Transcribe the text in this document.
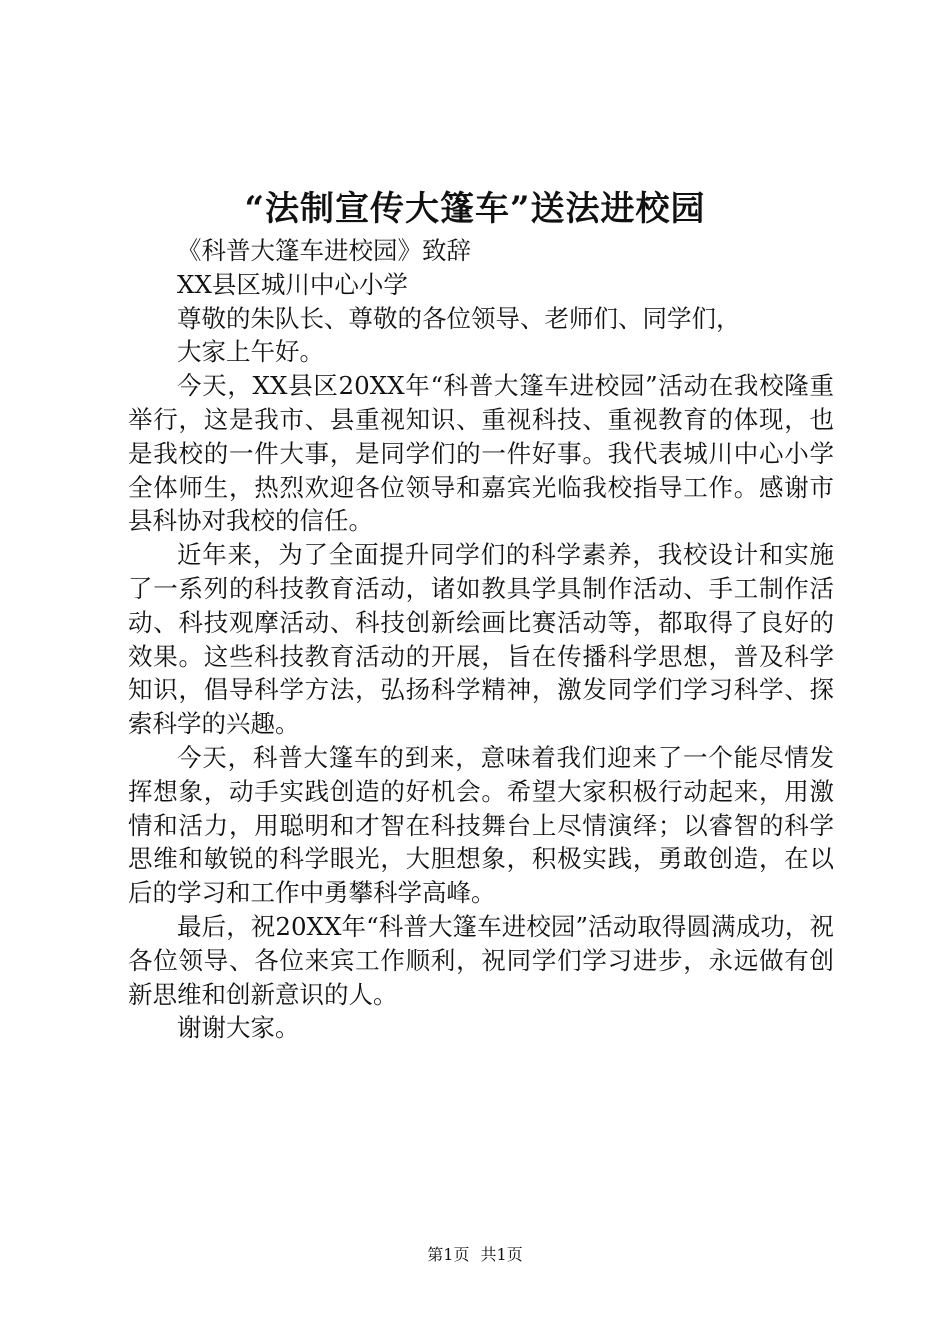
“法制宣传大篷车”送法进校园

《科普大篷车进校园》致辞

XX县区城川中心小学

尊敬的朱队长、尊敬的各位领导、老师们、同学们，

大家上午好。

今天，XX县区20XX年“科普大篷车进校园”活动在我校隆重举行，这是我市、县重视知识、重视科技、重视教育的体现，也是我校的一件大事，是同学们的一件好事。我代表城川中心小学全体师生，热烈欢迎各位领导和嘉宾光临我校指导工作。感谢市县科协对我校的信任。

近年来，为了全面提升同学们的科学素养，我校设计和实施了一系列的科技教育活动，诸如教具学具制作活动、手工制作活动、科技观摩活动、科技创新绘画比赛活动等，都取得了良好的效果。这些科技教育活动的开展，旨在传播科学思想，普及科学知识，倡导科学方法，弘扬科学精神，激发同学们学习科学、探索科学的兴趣。

今天，科普大篷车的到来，意味着我们迎来了一个能尽情发挥想象，动手实践创造的好机会。希望大家积极行动起来，用激情和活力，用聪明和才智在科技舞台上尽情演绎；以睿智的科学思维和敏锐的科学眼光，大胆想象，积极实践，勇敢创造，在以后的学习和工作中勇攀科学高峰。

最后，祝20XX年“科普大篷车进校园”活动取得圆满成功，祝各位领导、各位来宾工作顺利，祝同学们学习进步，永远做有创新思维和创新意识的人。

谢谢大家。

第1页 共1页
